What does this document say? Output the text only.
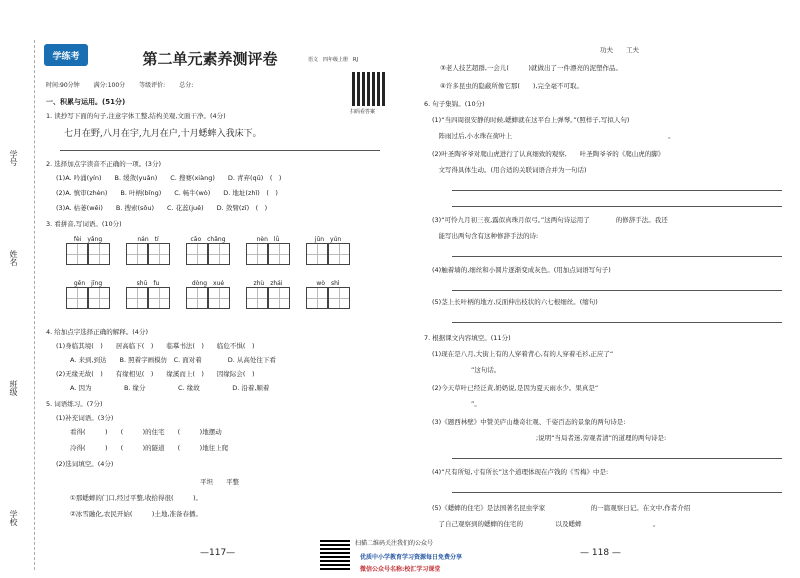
学号
姓名
班级
学校
学练考	第二单元素养测评卷	语文　四年级上册　RJ
扫码看答案
时间:90分钟 满分:100分 等级评价: 总分:
一、积累与运用。(51分)
1. 读抄写下面的句子,注意字体工整,结构美观,文面干净。(4分)
七月在野,八月在宇,九月在户,十月蟋蟀入我床下。
2. 选择加点字读音不正确的一项。(3分)
(1)A. 吟涌(yín)　　B. 缓敛(yuǎn)　　C. 搜赛(xiàng)　　D. 青弃(qū)　(　)
(2)A. 慎审(zhèn)　　B. 叶柄(bǐng)　　C. 畅牛(wò)　　D. 地址(zhǐ)　(　)
(3)A. 枯萎(wěi)　　B. 搜索(sōu)　　C. 花蕊(juě)　　D. 敛臂(zī)　(　)
3. 看拼音,写词语。(10分)
fèi　yǎng	nán　tí	cāo　chǎng	nèn　lǜ	jūn　yún
gēn　jīng	shū　fu	dòng　xué	zhù　zhái	wò　shì
4. 给加点字选择正确的解释。(4分)
(1)身临其境(　)　　居高临下(　)　　临摹书法(　)　　临危不惧(　)
A. 来到,到达　　B. 照着字画模仿　C. 面对着　　　　D. 从高处往下看
(2)无缘无故(　)　　有缘相见(　)　　缘溪而上(　)　　因缘际会(　)
A. 因为　　　　　B. 缘分　　　　　C. 缘故　　　　　D. 沿着,顺着
5. 词语练习。(7分)
(1)补充词语。(3分)
看得(　　　)　　(　　　)的住宅　　(　　　)地摆动
冷得(　　　)　　(　　　)的隧道　　(　　　)地往上爬
(2)选词填空。(4分)
平坦　　平整
①那蟋蟀的门口,经过平整,收拾得很(　　　)。
②冰雪融化,农民开始(　　　)土地,准备春播。
—117—
扫描二维码关注我们的公众号
优质中小学教育学习资源每日免费分享
微信公众号名称:校汇学习课堂
功夫　　工夫
③老人技艺超群,一会儿(　　　)就做出了一件漂亮的泥塑作品。
④许多昆虫的隐蔽所像它那(　　),完全毫不可取。
6. 句子集锦。(10分)
(1)“当四周很安静的时候,蟋蟀就在这平台上弹琴。”(照样子,写拟人句)
　阵雨过后,小水珠在荷叶上　　　　　　　　　　　　　　　　　　　　　　　　。
(2)叶圣陶爷爷对爬山虎进行了认真细致的观察,　　叶圣陶爷爷的《爬山虎的脚》
　文写得具体生动。(用合适的关联词语合并为一句话)
(3)“可怜九月初三夜,露似真珠月似弓。”这两句诗运用了　　　　的修辞手法。我还
　能写出两句含有这种修辞手法的诗:
(4)触着墙的,细丝和小圆片逐渐变成灰色。(用加点词语写句子)
(5)茎上长叶柄的地方,反面伸出枝状的六七根细丝。(缩句)
7. 根据课文内容填空。(11分)
(1)现在是八月,大街上有的人穿着背心,有的人穿着毛衫,正应了“
　　　　　　”这句话。
(2)今天草叶已经泛黄,奶奶说,是因为夏天雨水少。果真是“
　　　　　　”。
(3)《题西林壁》中赞美庐山雄奇壮观、千姿百态的景象的两句诗是:
　　　　　　　　　　　　　　　　;说明“当局者迷,旁观者清”的道理的两句诗是:
(4)“尺有所短,寸有所长”这个道理体现在卢钱的《雪梅》中是:
(5)《蟋蟀的住宅》是法国著名昆虫学家　　　　　　　的一篇观察日记。在文中,作者介绍
　了自己观察到的蟋蟀的住宅的　　　　　以及蟋蟀　　　　　　　　　　　。
— 118 —
